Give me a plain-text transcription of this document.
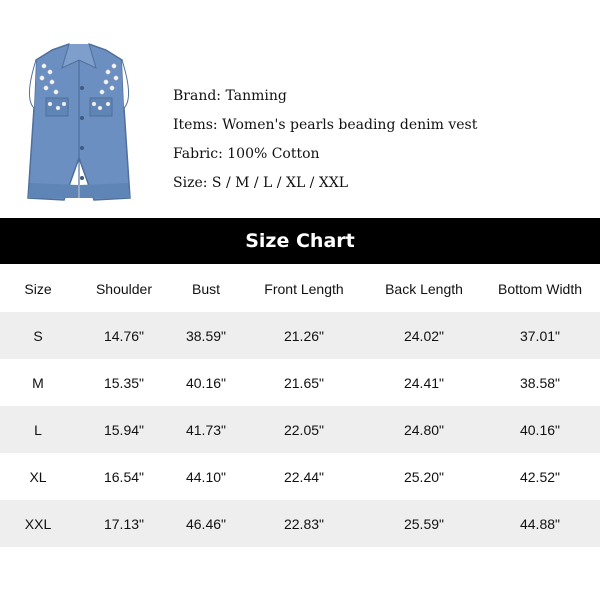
Brand: Tanming
Items: Women's pearls beading denim vest
Fabric: 100% Cotton
Size: S / M / L / XL / XXL
Size Chart
Size	Shoulder	Bust	Front Length	Back Length	Bottom Width
S	14.76"	38.59"	21.26"	24.02"	37.01"
M	15.35"	40.16"	21.65"	24.41"	38.58"
L	15.94"	41.73"	22.05"	24.80"	40.16"
XL	16.54"	44.10"	22.44"	25.20"	42.52"
XXL	17.13"	46.46"	22.83"	25.59"	44.88"
